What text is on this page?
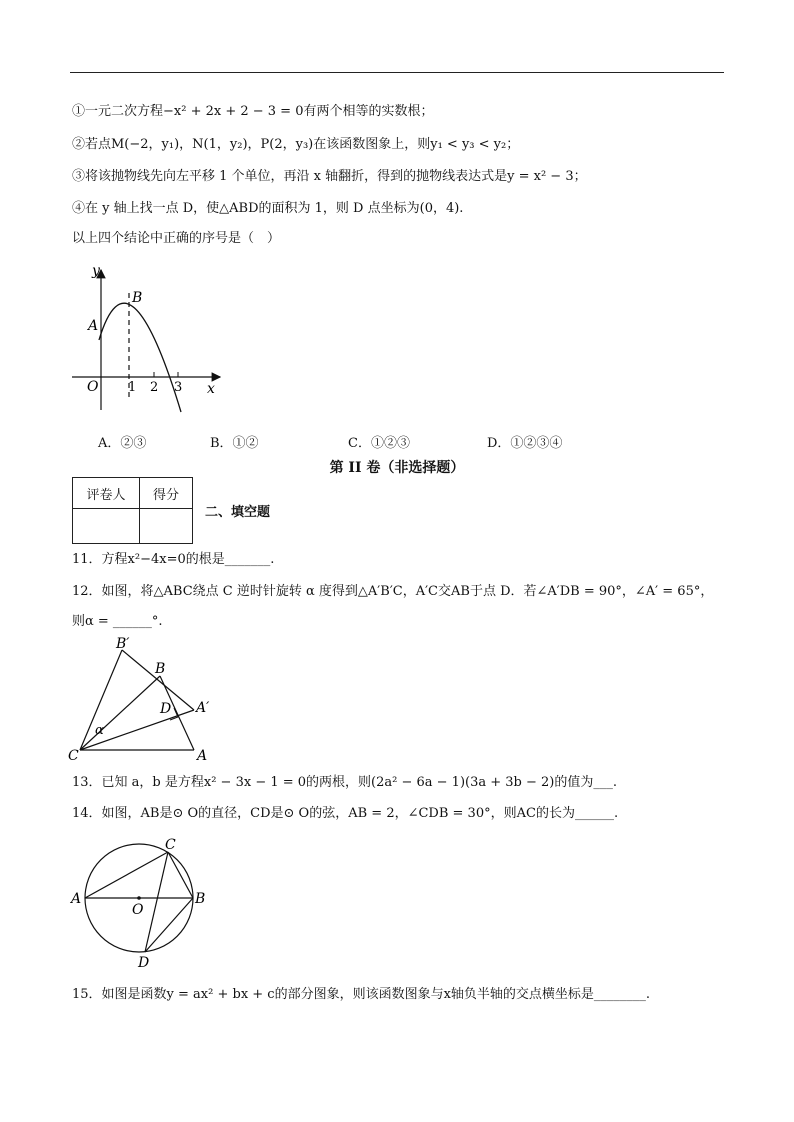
①一元二次方程−x² + 2x + 2 − 3 = 0有两个相等的实数根；
②若点M(−2，y₁)，N(1，y₂)，P(2，y₃)在该函数图象上，则y₁ < y₃ < y₂；
③将该抛物线先向左平移 1 个单位，再沿 x 轴翻折，得到的抛物线表达式是y = x² − 3；
④在 y 轴上找一点 D，使△ABD的面积为 1，则 D 点坐标为(0，4).
以上四个结论中正确的序号是（　）
y
x
O
A
B
1 2 3
A．②③	B．①②	C．①②③	D．①②③④
第 II 卷（非选择题）
评卷人	得分

二、填空题
11．方程x²−4x=0的根是_______.
12．如图，将△ABC绕点 C 逆时针旋转 α 度得到△A′B′C，A′C交AB于点 D．若∠A′DB = 90°，∠A′ = 65°，
则α = ______°.
B′
B
A′
D
α
C	A
13．已知 a，b 是方程x² − 3x − 1 = 0的两根，则(2a² − 6a − 1)(3a + 3b − 2)的值为___.
14．如图，AB是⊙ O的直径，CD是⊙ O的弦，AB = 2，∠CDB = 30°，则AC的长为______.
A	B
C
D
O
15．如图是函数y = ax² + bx + c的部分图象，则该函数图象与x轴负半轴的交点横坐标是________.
